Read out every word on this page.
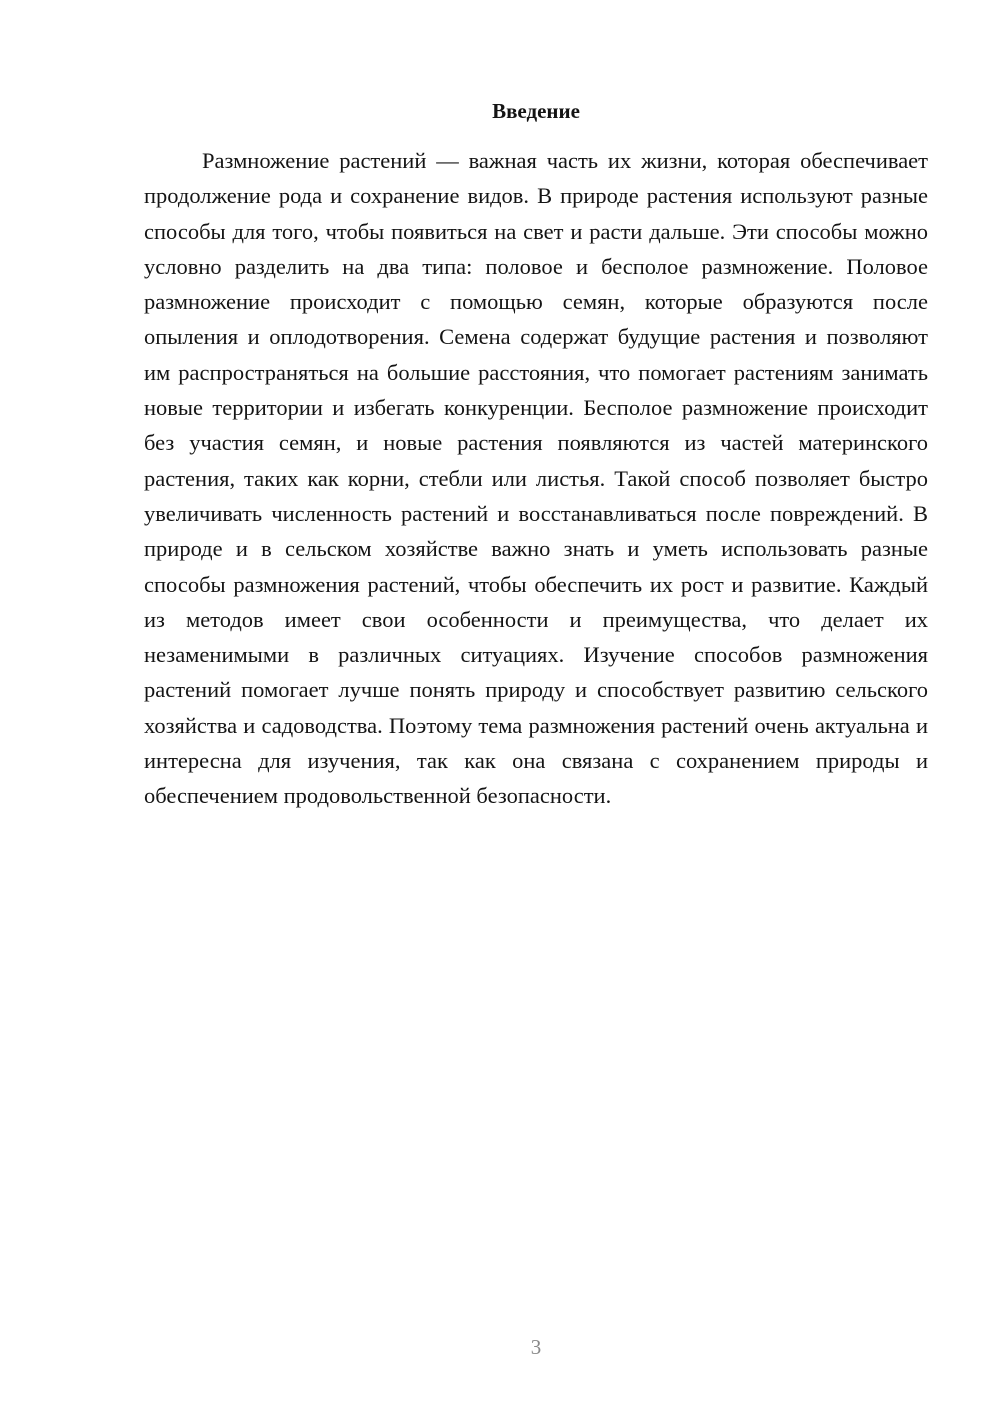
Введение

Размножение растений — важная часть их жизни, которая обеспечивает продолжение рода и сохранение видов. В природе растения используют разные способы для того, чтобы появиться на свет и расти дальше. Эти способы можно условно разделить на два типа: половое и бесполое размножение. Половое размножение происходит с помощью семян, которые образуются после опыления и оплодотворения. Семена содержат будущие растения и позволяют им распространяться на большие расстояния, что помогает растениям занимать новые территории и избегать конкуренции. Бесполое размножение происходит без участия семян, и новые растения появляются из частей материнского растения, таких как корни, стебли или листья. Такой способ позволяет быстро увеличивать численность растений и восстанавливаться после повреждений. В природе и в сельском хозяйстве важно знать и уметь использовать разные способы размножения растений, чтобы обеспечить их рост и развитие. Каждый из методов имеет свои особенности и преимущества, что делает их незаменимыми в различных ситуациях. Изучение способов размножения растений помогает лучше понять природу и способствует развитию сельского хозяйства и садоводства. Поэтому тема размножения растений очень актуальна и интересна для изучения, так как она связана с сохранением природы и обеспечением продовольственной безопасности.

3
